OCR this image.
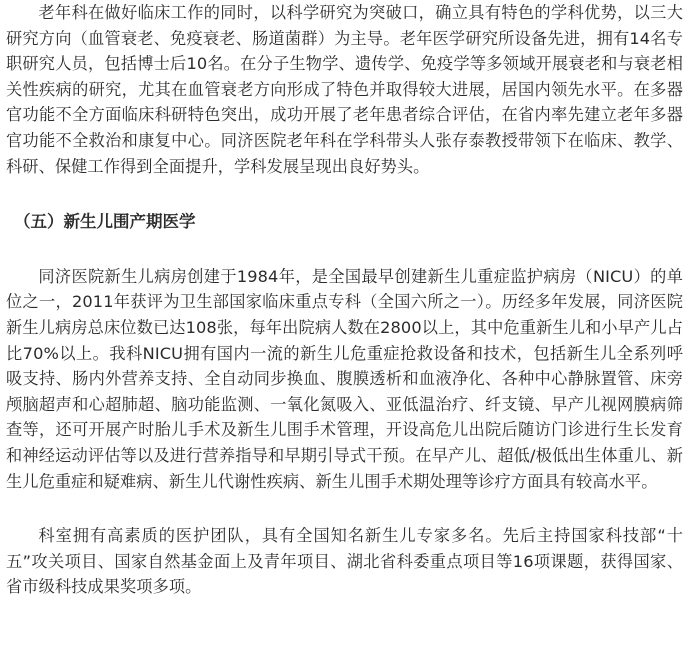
老年科在做好临床工作的同时，以科学研究为突破口，确立具有特色的学科优势，以三大研究方向（血管衰老、免疫衰老、肠道菌群）为主导。老年医学研究所设备先进，拥有14名专职研究人员，包括博士后10名。在分子生物学、遗传学、免疫学等多领域开展衰老和与衰老相关性疾病的研究，尤其在血管衰老方向形成了特色并取得较大进展，居国内领先水平。在多器官功能不全方面临床科研特色突出，成功开展了老年患者综合评估，在省内率先建立老年多器官功能不全救治和康复中心。同济医院老年科在学科带头人张存泰教授带领下在临床、教学、科研、保健工作得到全面提升，学科发展呈现出良好势头。

（五）新生儿围产期医学

同济医院新生儿病房创建于1984年，是全国最早创建新生儿重症监护病房（NICU）的单位之一，2011年获评为卫生部国家临床重点专科（全国六所之一）。历经多年发展，同济医院新生儿病房总床位数已达108张，每年出院病人数在2800以上，其中危重新生儿和小早产儿占比70%以上。我科NICU拥有国内一流的新生儿危重症抢救设备和技术，包括新生儿全系列呼吸支持、肠内外营养支持、全自动同步换血、腹膜透析和血液净化、各种中心静脉置管、床旁颅脑超声和心超肺超、脑功能监测、一氧化氮吸入、亚低温治疗、纤支镜、早产儿视网膜病筛查等，还可开展产时胎儿手术及新生儿围手术管理，开设高危儿出院后随访门诊进行生长发育和神经运动评估等以及进行营养指导和早期引导式干预。在早产儿、超低/极低出生体重儿、新生儿危重症和疑难病、新生儿代谢性疾病、新生儿围手术期处理等诊疗方面具有较高水平。

科室拥有高素质的医护团队，具有全国知名新生儿专家多名。先后主持国家科技部“十五”攻关项目、国家自然基金面上及青年项目、湖北省科委重点项目等16项课题，获得国家、省市级科技成果奖项多项。
